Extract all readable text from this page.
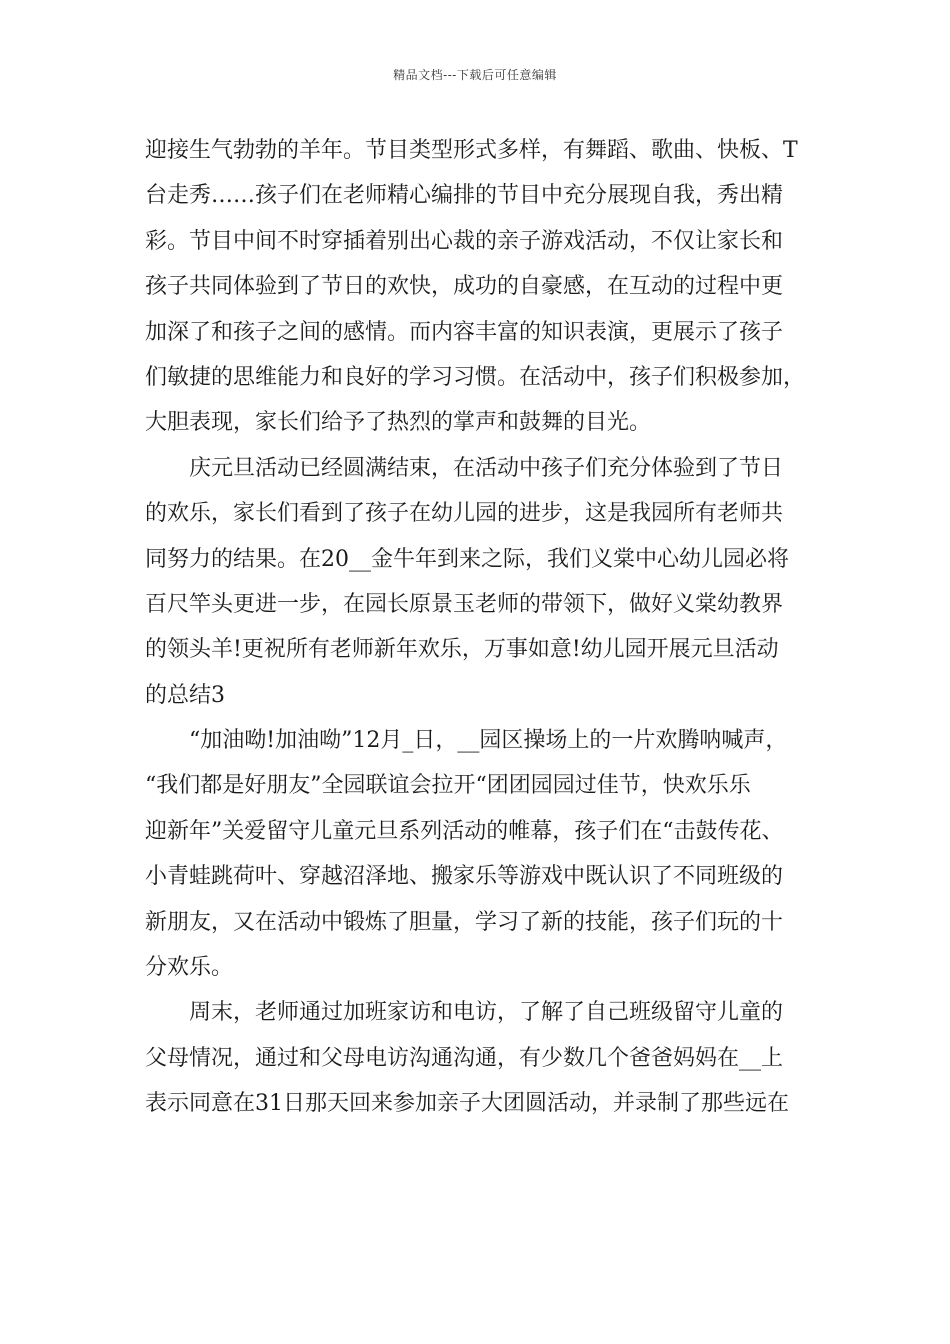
精品文档---下载后可任意编辑
迎接生气勃勃的羊年。节目类型形式多样，有舞蹈、歌曲、快板、T
台走秀……孩子们在老师精心编排的节目中充分展现自我，秀出精
彩。节目中间不时穿插着别出心裁的亲子游戏活动，不仅让家长和
孩子共同体验到了节日的欢快，成功的自豪感，在互动的过程中更
加深了和孩子之间的感情。而内容丰富的知识表演，更展示了孩子
们敏捷的思维能力和良好的学习习惯。在活动中，孩子们积极参加，
大胆表现，家长们给予了热烈的掌声和鼓舞的目光。
庆元旦活动已经圆满结束，在活动中孩子们充分体验到了节日
的欢乐，家长们看到了孩子在幼儿园的进步，这是我园所有老师共
同努力的结果。在20__金牛年到来之际，我们义棠中心幼儿园必将
百尺竿头更进一步，在园长原景玉老师的带领下，做好义棠幼教界
的领头羊!更祝所有老师新年欢乐，万事如意!幼儿园开展元旦活动
的总结3
“加油呦!加油呦”12月_日，__园区操场上的一片欢腾呐喊声，
“我们都是好朋友”全园联谊会拉开“团团园园过佳节，快欢乐乐
迎新年”关爱留守儿童元旦系列活动的帷幕，孩子们在“击鼓传花、
小青蛙跳荷叶、穿越沼泽地、搬家乐等游戏中既认识了不同班级的
新朋友，又在活动中锻炼了胆量，学习了新的技能，孩子们玩的十
分欢乐。
周末，老师通过加班家访和电访，了解了自己班级留守儿童的
父母情况，通过和父母电访沟通沟通，有少数几个爸爸妈妈在__上
表示同意在31日那天回来参加亲子大团圆活动，并录制了那些远在
